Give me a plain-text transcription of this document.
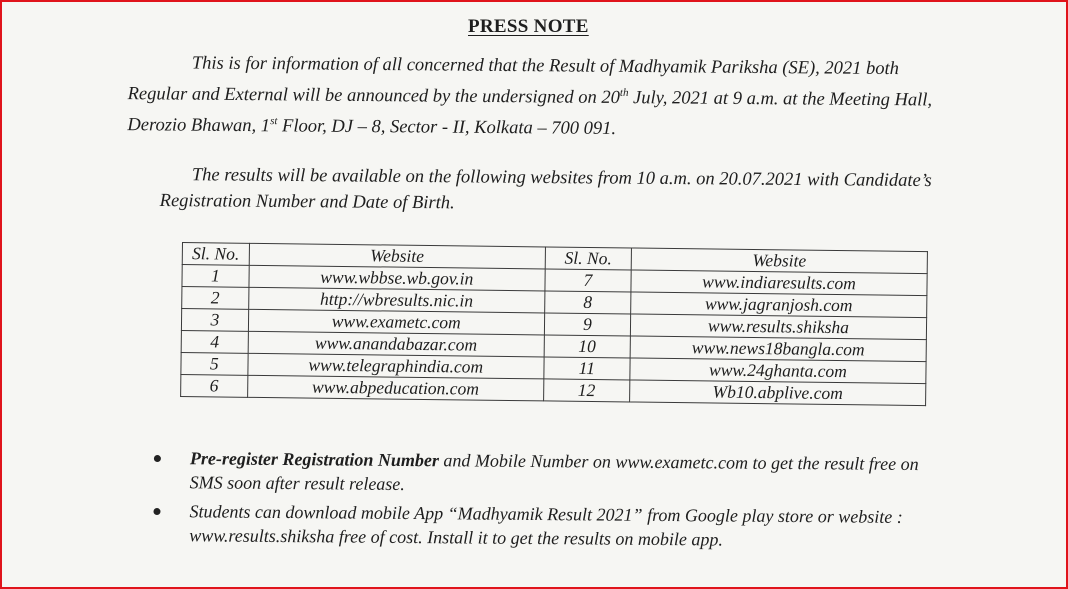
PRESS NOTE
This is for information of all concerned that the Result of Madhyamik Pariksha (SE), 2021 both Regular and External will be announced by the undersigned on 20th July, 2021 at 9 a.m. at the Meeting Hall, Derozio Bhawan, 1st Floor, DJ – 8, Sector - II, Kolkata – 700 091.
The results will be available on the following websites from 10 a.m. on 20.07.2021 with Candidate’s Registration Number and Date of Birth.
Sl. No.	Website	Sl. No.	Website
1	www.wbbse.wb.gov.in	7	www.indiaresults.com
2	http://wbresults.nic.in	8	www.jagranjosh.com
3	www.exametc.com	9	www.results.shiksha
4	www.anandabazar.com	10	www.news18bangla.com
5	www.telegraphindia.com	11	www.24ghanta.com
6	www.abpeducation.com	12	Wb10.abplive.com
Pre-register Registration Number and Mobile Number on www.exametc.com to get the result free on SMS soon after result release.
Students can download mobile App “Madhyamik Result 2021” from Google play store or website : www.results.shiksha free of cost. Install it to get the results on mobile app.
